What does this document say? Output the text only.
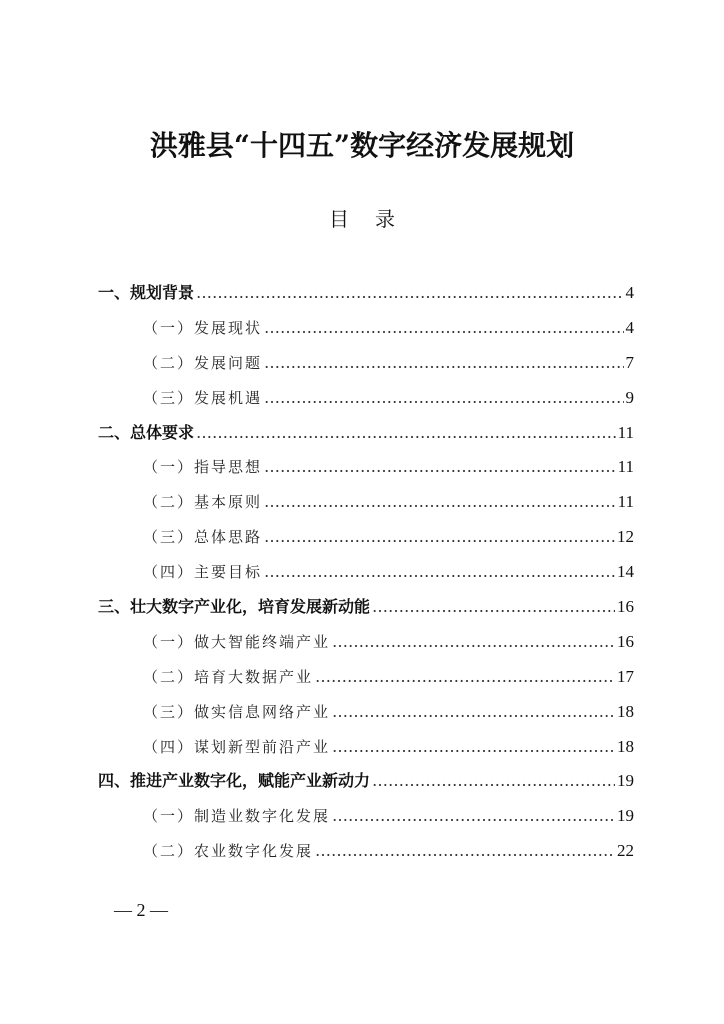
洪雅县“十四五”数字经济发展规划
目 录
一、规划背景 ………………………………………………………………………………………………………………………………	4
（一）发展现状 ………………………………………………………………………………………………………………………………	4
（二）发展问题 ………………………………………………………………………………………………………………………………	7
（三）发展机遇 ………………………………………………………………………………………………………………………………	9
二、总体要求 ………………………………………………………………………………………………………………………………	11
（一）指导思想 ………………………………………………………………………………………………………………………………	11
（二）基本原则 ………………………………………………………………………………………………………………………………	11
（三）总体思路 ………………………………………………………………………………………………………………………………	12
（四）主要目标 ………………………………………………………………………………………………………………………………	14
三、壮大数字产业化，培育发展新动能 ………………………………………………………………………………………………………………………………	16
（一）做大智能终端产业 ………………………………………………………………………………………………………………………………	16
（二）培育大数据产业 ………………………………………………………………………………………………………………………………	17
（三）做实信息网络产业 ………………………………………………………………………………………………………………………………	18
（四）谋划新型前沿产业 ………………………………………………………………………………………………………………………………	18
四、推进产业数字化，赋能产业新动力 ………………………………………………………………………………………………………………………………	19
（一）制造业数字化发展 ………………………………………………………………………………………………………………………………	19
（二）农业数字化发展 ………………………………………………………………………………………………………………………………	22
— 2 —
